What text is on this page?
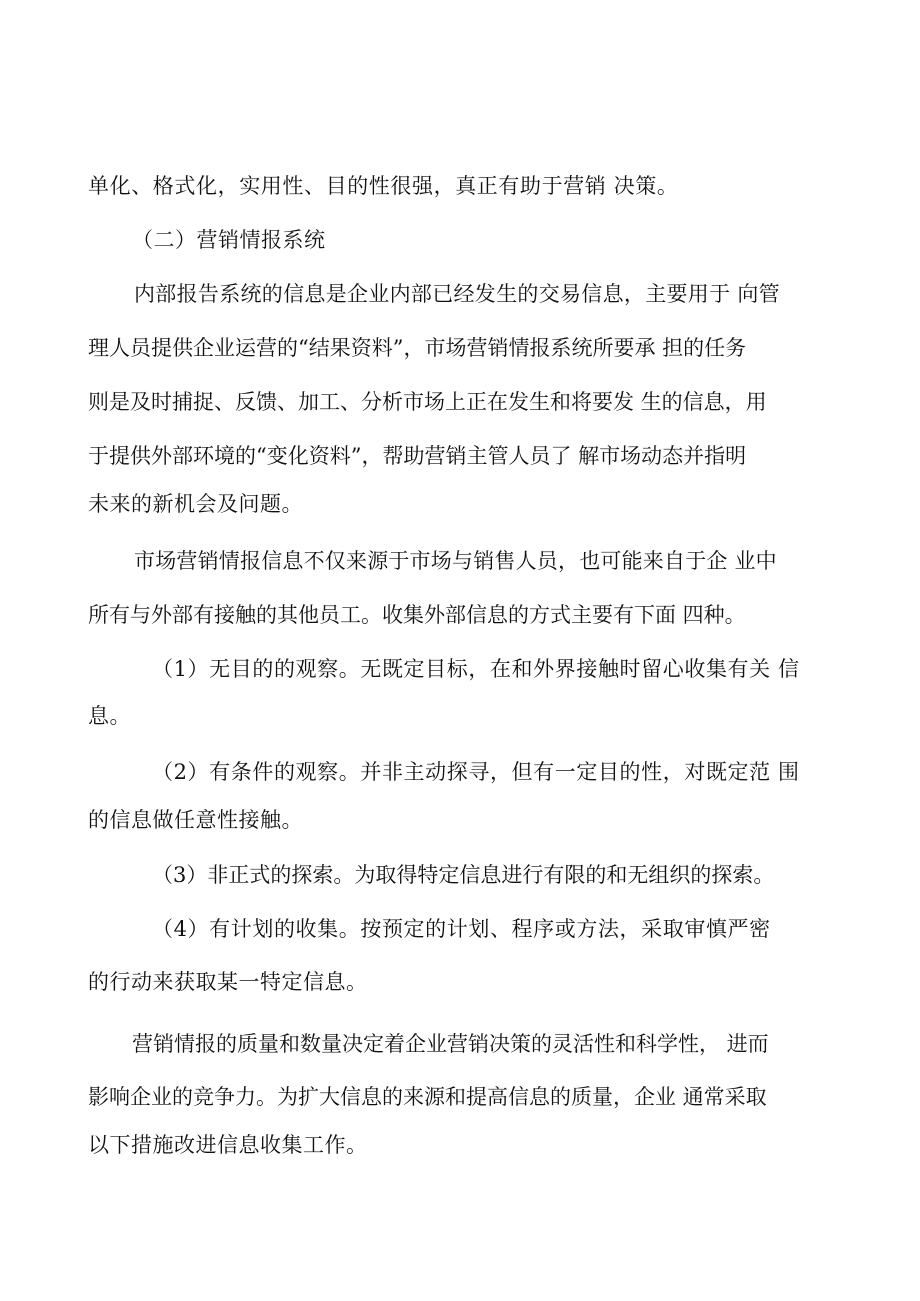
单化、格式化，实用性、目的性很强，真正有助于营销 决策。
（二）营销情报系统
内部报告系统的信息是企业内部已经发生的交易信息，主要用于 向管
理人员提供企业运营的“结果资料”，市场营销情报系统所要承 担的任务
则是及时捕捉、反馈、加工、分析市场上正在发生和将要发 生的信息，用
于提供外部环境的“变化资料”，帮助营销主管人员了 解市场动态并指明
未来的新机会及问题。
市场营销情报信息不仅来源于市场与销售人员，也可能来自于企 业中
所有与外部有接触的其他员工。收集外部信息的方式主要有下面 四种。
（1）无目的的观察。无既定目标，在和外界接触时留心收集有关 信
息。
（2）有条件的观察。并非主动探寻，但有一定目的性，对既定范 围
的信息做任意性接触。
（3）非正式的探索。为取得特定信息进行有限的和无组织的探索。
（4）有计划的收集。按预定的计划、程序或方法，采取审慎严密
的行动来获取某一特定信息。
营销情报的质量和数量决定着企业营销决策的灵活性和科学性， 进而
影响企业的竞争力。为扩大信息的来源和提高信息的质量，企业 通常采取
以下措施改进信息收集工作。
